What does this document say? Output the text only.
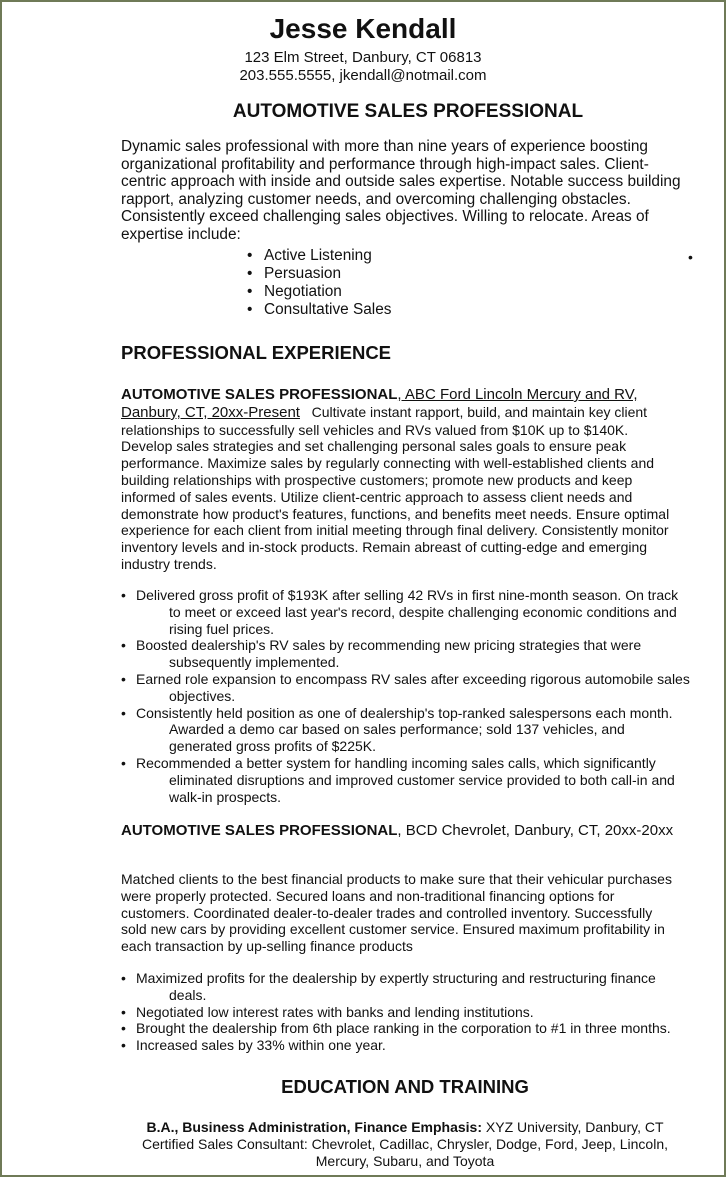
Jesse Kendall
123 Elm Street, Danbury, CT 06813
203.555.5555, jkendall@notmail.com
AUTOMOTIVE SALES PROFESSIONAL
Dynamic sales professional with more than nine years of experience boosting organizational profitability and performance through high-impact sales. Client-centric approach with inside and outside sales expertise. Notable success building rapport, analyzing customer needs, and overcoming challenging obstacles. Consistently exceed challenging sales objectives. Willing to relocate. Areas of expertise include:
• Active Listening
• Persuasion
• Negotiation
• Consultative Sales
•
PROFESSIONAL EXPERIENCE
AUTOMOTIVE SALES PROFESSIONAL, ABC Ford Lincoln Mercury and RV, Danbury, CT, 20xx-Present Cultivate instant rapport, build, and maintain key client relationships to successfully sell vehicles and RVs valued from $10K up to $140K. Develop sales strategies and set challenging personal sales goals to ensure peak performance. Maximize sales by regularly connecting with well-established clients and building relationships with prospective customers; promote new products and keep informed of sales events. Utilize client-centric approach to assess client needs and demonstrate how product's features, functions, and benefits meet needs. Ensure optimal experience for each client from initial meeting through final delivery. Consistently monitor inventory levels and in-stock products. Remain abreast of cutting-edge and emerging industry trends.
• Delivered gross profit of $193K after selling 42 RVs in first nine-month season. On track to meet or exceed last year's record, despite challenging economic conditions and rising fuel prices.
• Boosted dealership's RV sales by recommending new pricing strategies that were subsequently implemented.
• Earned role expansion to encompass RV sales after exceeding rigorous automobile sales objectives.
• Consistently held position as one of dealership's top-ranked salespersons each month. Awarded a demo car based on sales performance; sold 137 vehicles, and generated gross profits of $225K.
• Recommended a better system for handling incoming sales calls, which significantly eliminated disruptions and improved customer service provided to both call-in and walk-in prospects.
AUTOMOTIVE SALES PROFESSIONAL, BCD Chevrolet, Danbury, CT, 20xx-20xx
Matched clients to the best financial products to make sure that their vehicular purchases were properly protected. Secured loans and non-traditional financing options for customers. Coordinated dealer-to-dealer trades and controlled inventory. Successfully sold new cars by providing excellent customer service. Ensured maximum profitability in each transaction by up-selling finance products
• Maximized profits for the dealership by expertly structuring and restructuring finance deals.
• Negotiated low interest rates with banks and lending institutions.
• Brought the dealership from 6th place ranking in the corporation to #1 in three months.
• Increased sales by 33% within one year.
EDUCATION AND TRAINING
B.A., Business Administration, Finance Emphasis: XYZ University, Danbury, CT
Certified Sales Consultant: Chevrolet, Cadillac, Chrysler, Dodge, Ford, Jeep, Lincoln, Mercury, Subaru, and Toyota
